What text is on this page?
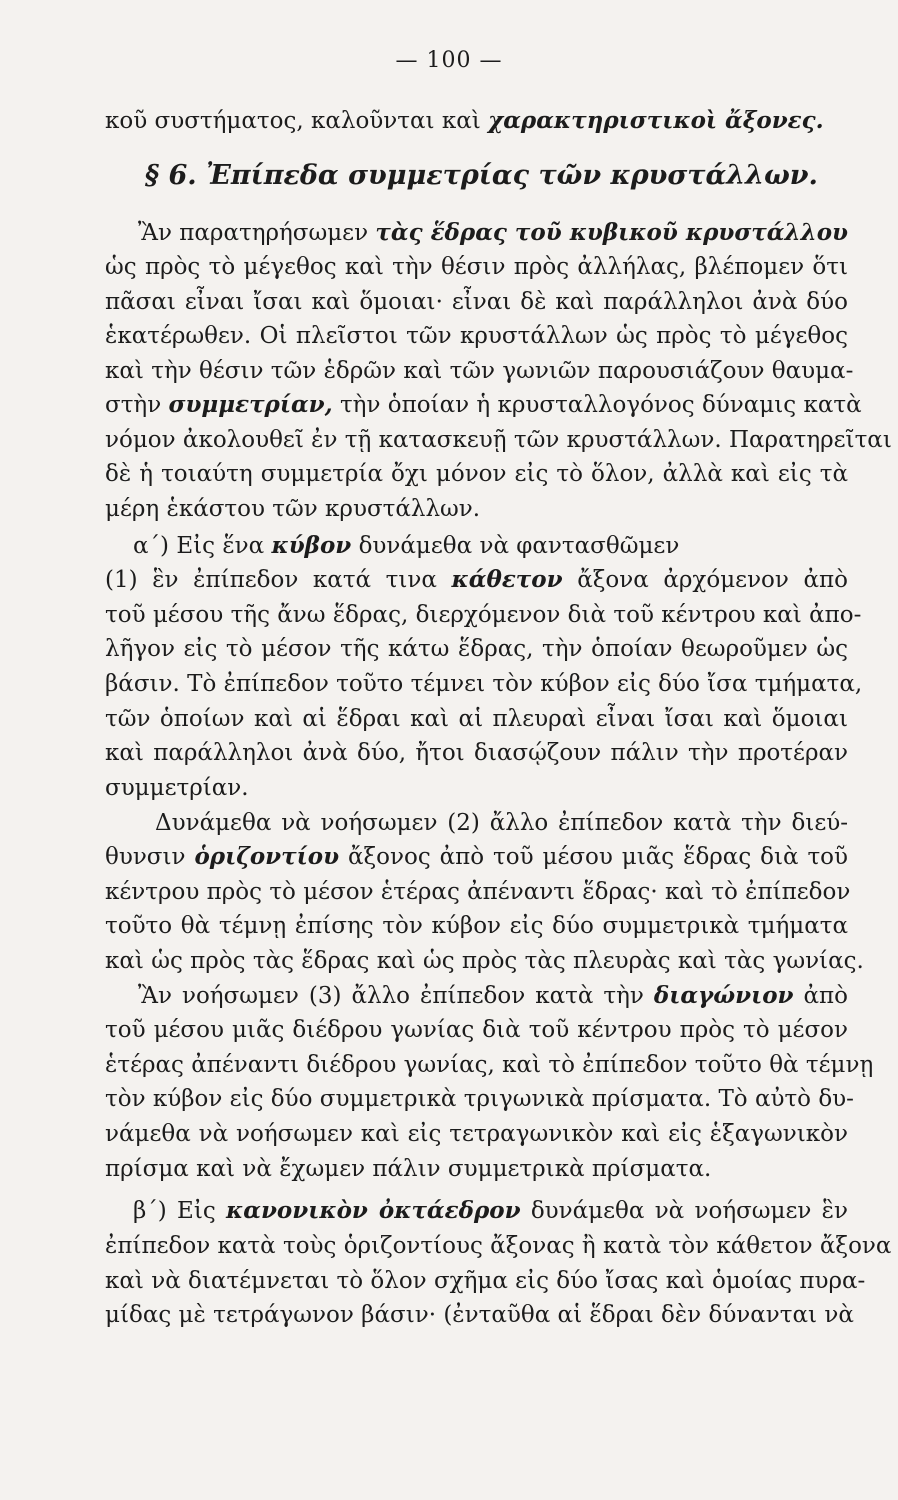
— 100 —
§ 6. Ἐπίπεδα συμμετρίας τῶν κρυστάλλων.
κοῦ συστήματος, καλοῦνται καὶ χαρακτηριστικοὶ ἄξονες.
Ἂν παρατηρήσωμεν τὰς ἕδρας τοῦ κυβικοῦ κρυστάλλου
ὡς πρὸς τὸ μέγεθος καὶ τὴν θέσιν πρὸς ἀλλήλας, βλέπομεν ὅτι
πᾶσαι εἶναι ἴσαι καὶ ὅμοιαι· εἶναι δὲ καὶ παράλληλοι ἀνὰ δύο
ἑκατέρωθεν. Οἱ πλεῖστοι τῶν κρυστάλλων ὡς πρὸς τὸ μέγεθος
καὶ τὴν θέσιν τῶν ἑδρῶν καὶ τῶν γωνιῶν παρουσιάζουν θαυμα-
στὴν συμμετρίαν, τὴν ὁποίαν ἡ κρυσταλλογόνος δύναμις κατὰ
νόμον ἀκολουθεῖ ἐν τῇ κατασκευῇ τῶν κρυστάλλων. Παρατηρεῖται
δὲ ἡ τοιαύτη συμμετρία ὄχι μόνον εἰς τὸ ὅλον, ἀλλὰ καὶ εἰς τὰ
μέρη ἑκάστου τῶν κρυστάλλων.
α΄) Εἰς ἕνα κύβον δυνάμεθα νὰ φαντασθῶμεν
(1) ἓν ἐπίπεδον κατά τινα κάθετον ἄξονα ἀρχόμενον ἀπὸ
τοῦ μέσου τῆς ἄνω ἕδρας, διερχόμενον διὰ τοῦ κέντρου καὶ ἀπο-
λῆγον εἰς τὸ μέσον τῆς κάτω ἕδρας, τὴν ὁποίαν θεωροῦμεν ὡς
βάσιν. Τὸ ἐπίπεδον τοῦτο τέμνει τὸν κύβον εἰς δύο ἴσα τμήματα,
τῶν ὁποίων καὶ αἱ ἕδραι καὶ αἱ πλευραὶ εἶναι ἴσαι καὶ ὅμοιαι
καὶ παράλληλοι ἀνὰ δύο, ἤτοι διασῴζουν πάλιν τὴν προτέραν
συμμετρίαν.
Δυνάμεθα νὰ νοήσωμεν (2) ἄλλο ἐπίπεδον κατὰ τὴν διεύ-
θυνσιν ὁριζοντίου ἄξονος ἀπὸ τοῦ μέσου μιᾶς ἕδρας διὰ τοῦ
κέντρου πρὸς τὸ μέσον ἑτέρας ἀπέναντι ἕδρας· καὶ τὸ ἐπίπεδον
τοῦτο θὰ τέμνῃ ἐπίσης τὸν κύβον εἰς δύο συμμετρικὰ τμήματα
καὶ ὡς πρὸς τὰς ἕδρας καὶ ὡς πρὸς τὰς πλευρὰς καὶ τὰς γωνίας.
Ἂν νοήσωμεν (3) ἄλλο ἐπίπεδον κατὰ τὴν διαγώνιον ἀπὸ
τοῦ μέσου μιᾶς διέδρου γωνίας διὰ τοῦ κέντρου πρὸς τὸ μέσον
ἑτέρας ἀπέναντι διέδρου γωνίας, καὶ τὸ ἐπίπεδον τοῦτο θὰ τέμνῃ
τὸν κύβον εἰς δύο συμμετρικὰ τριγωνικὰ πρίσματα. Τὸ αὐτὸ δυ-
νάμεθα νὰ νοήσωμεν καὶ εἰς τετραγωνικὸν καὶ εἰς ἑξαγωνικὸν
πρίσμα καὶ νὰ ἔχωμεν πάλιν συμμετρικὰ πρίσματα.
β΄) Εἰς κανονικὸν ὀκτάεδρον δυνάμεθα νὰ νοήσωμεν ἓν
ἐπίπεδον κατὰ τοὺς ὁριζοντίους ἄξονας ἢ κατὰ τὸν κάθετον ἄξονα
καὶ νὰ διατέμνεται τὸ ὅλον σχῆμα εἰς δύο ἴσας καὶ ὁμοίας πυρα-
μίδας μὲ τετράγωνον βάσιν· (ἐνταῦθα αἱ ἕδραι δὲν δύνανται νὰ
